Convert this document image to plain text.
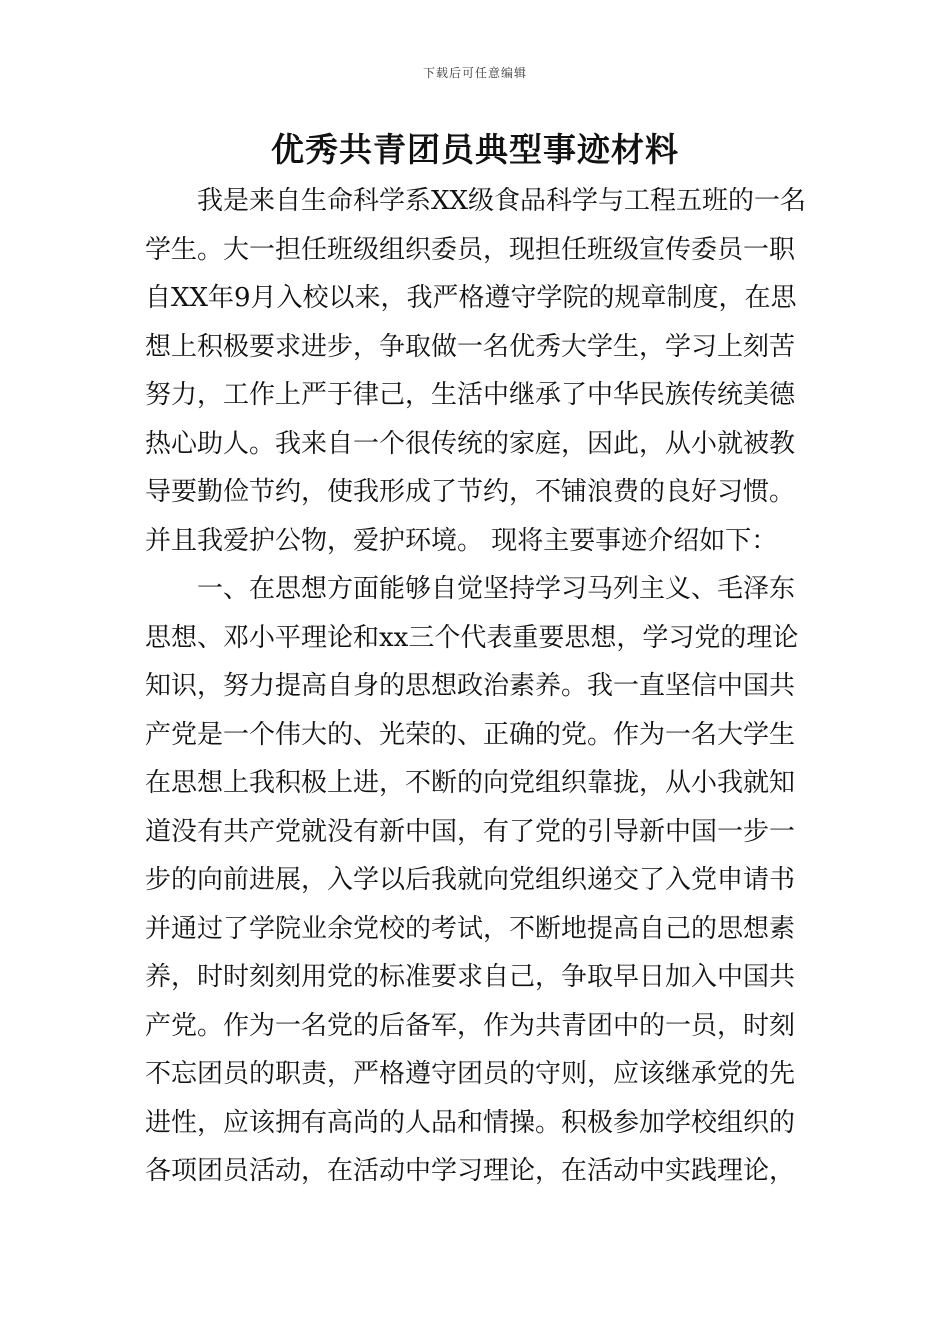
下载后可任意编辑
优秀共青团员典型事迹材料
　　我是来自生命科学系XX级食品科学与工程五班的一名
学生。大一担任班级组织委员，现担任班级宣传委员一职
自XX年9月入校以来，我严格遵守学院的规章制度，在思
想上积极要求进步，争取做一名优秀大学生，学习上刻苦
努力，工作上严于律己，生活中继承了中华民族传统美德
热心助人。我来自一个很传统的家庭，因此，从小就被教
导要勤俭节约，使我形成了节约，不铺浪费的良好习惯。
并且我爱护公物，爱护环境。 现将主要事迹介绍如下：
　　一、在思想方面能够自觉坚持学习马列主义、毛泽东
思想、邓小平理论和xx三个代表重要思想，学习党的理论
知识，努力提高自身的思想政治素养。我一直坚信中国共
产党是一个伟大的、光荣的、正确的党。作为一名大学生
在思想上我积极上进，不断的向党组织靠拢，从小我就知
道没有共产党就没有新中国，有了党的引导新中国一步一
步的向前进展，入学以后我就向党组织递交了入党申请书
并通过了学院业余党校的考试，不断地提高自己的思想素
养，时时刻刻用党的标准要求自己，争取早日加入中国共
产党。作为一名党的后备军，作为共青团中的一员，时刻
不忘团员的职责，严格遵守团员的守则，应该继承党的先
进性，应该拥有高尚的人品和情操。积极参加学校组织的
各项团员活动，在活动中学习理论，在活动中实践理论，
